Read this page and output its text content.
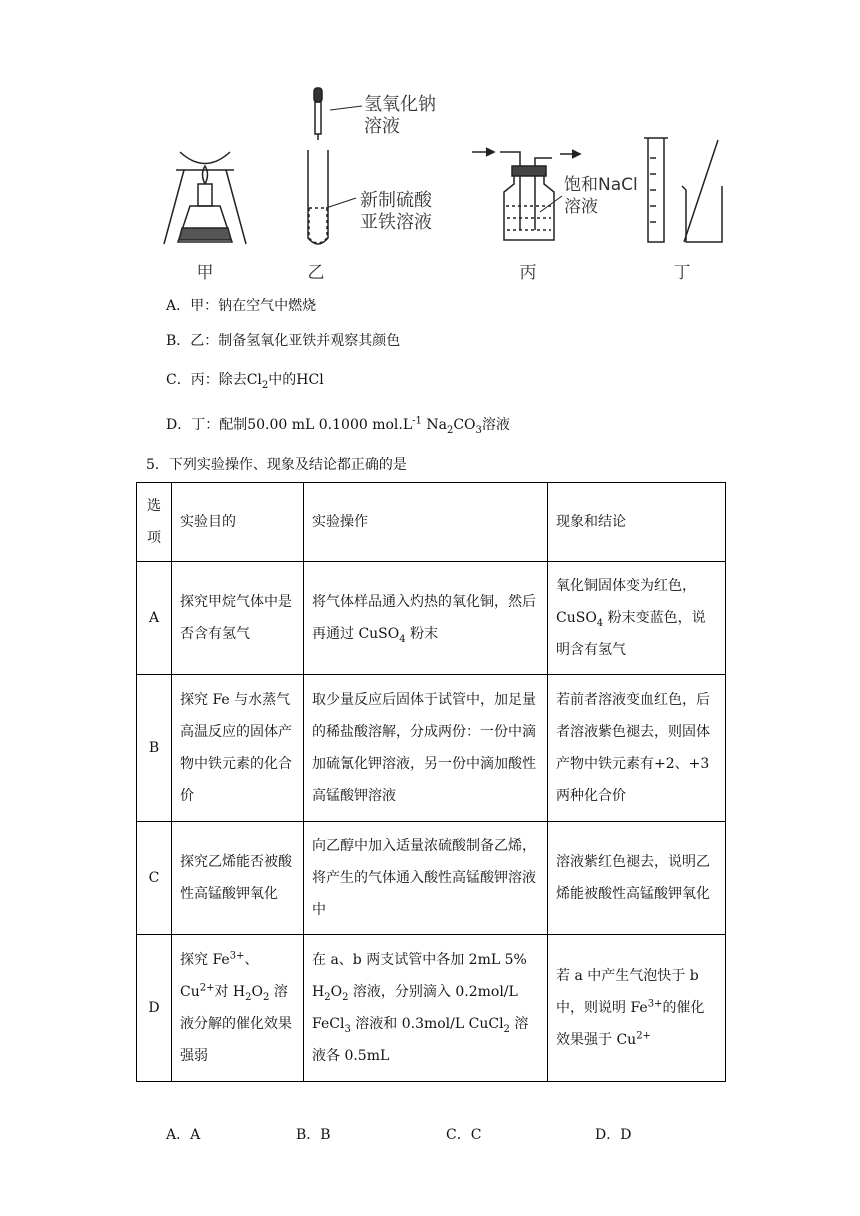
甲
氢氧化钠
溶液
新制硫酸
亚铁溶液
乙
饱和NaCl
溶液
丙	丁
A．甲：钠在空气中燃烧
B．乙：制备氢氧化亚铁并观察其颜色
C．丙：除去$Cl_2$中的HCl
D．丁：配制50.00 mL 0.1000 $mol.L^{-1}$ $Na_2CO_3$溶液
5．下列实验操作、现象及结论都正确的是
选
项	实验目的	实验操作	现象和结论
A	探究甲烷气体中是否含有氢气	将气体样品通入灼热的氧化铜，然后再通过 CuSO$_4$ 粉末	氧化铜固体变为红色，CuSO$_4$ 粉末变蓝色，说明含有氢气
B	探究 Fe 与水蒸气高温反应的固体产物中铁元素的化合价	取少量反应后固体于试管中，加足量的稀盐酸溶解，分成两份：一份中滴加硫氰化钾溶液，另一份中滴加酸性高锰酸钾溶液	若前者溶液变血红色，后者溶液紫色褪去，则固体产物中铁元素有+2、+3 两种化合价
C	探究乙烯能否被酸性高锰酸钾氧化	向乙醇中加入适量浓硫酸制备乙烯，将产生的气体通入酸性高锰酸钾溶液中	溶液紫红色褪去，说明乙烯能被酸性高锰酸钾氧化
D	探究 $Fe^{3+}$、$Cu^{2+}$对 $H_2O_2$ 溶液分解的催化效果强弱	在 a、b 两支试管中各加 2mL 5% $H_2O_2$ 溶液，分别滴入 0.2mol/L FeCl$_3$ 溶液和 0.3mol/L CuCl$_2$ 溶液各 0.5mL	若 a 中产生气泡快于 b 中，则说明 $Fe^{3+}$的催化效果强于 $Cu^{2+}$
A．A	B．B	C．C	D．D
